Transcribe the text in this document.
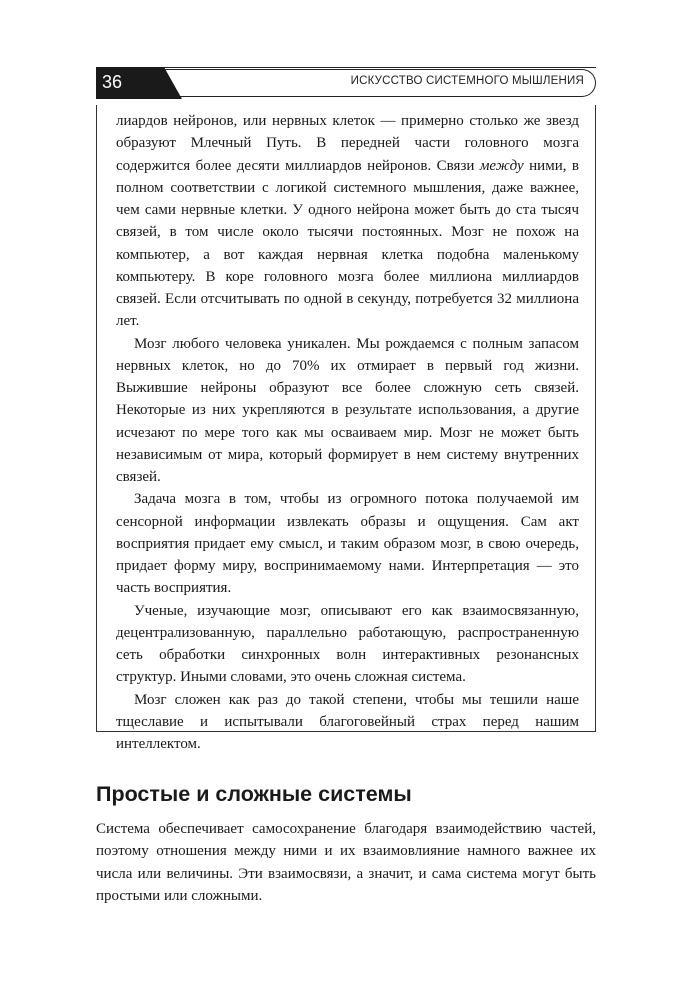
36	ИСКУССТВО СИСТЕМНОГО МЫШЛЕНИЯ

лиардов нейронов, или нервных клеток — примерно столько же звезд образуют Млечный Путь. В передней части головного мозга содержится более десяти миллиардов нейронов. Связи между ними, в полном соответствии с логикой системного мышления, даже важнее, чем сами нервные клетки. У одного нейрона может быть до ста тысяч связей, в том числе около тысячи постоянных. Мозг не похож на компьютер, а вот каждая нервная клетка подобна маленькому компьютеру. В коре головного мозга более миллиона миллиардов связей. Если отсчитывать по одной в секунду, потребуется 32 миллиона лет.

Мозг любого человека уникален. Мы рождаемся с полным запасом нервных клеток, но до 70% их отмирает в первый год жизни. Выжившие нейроны образуют все более сложную сеть связей. Некоторые из них укрепляются в результате использования, а другие исчезают по мере того как мы осваиваем мир. Мозг не может быть независимым от мира, который формирует в нем систему внутренних связей.

Задача мозга в том, чтобы из огромного потока получаемой им сенсорной информации извлекать образы и ощущения. Сам акт восприятия придает ему смысл, и таким образом мозг, в свою очередь, придает форму миру, воспринимаемому нами. Интерпретация — это часть восприятия.

Ученые, изучающие мозг, описывают его как взаимосвязанную, децентрализованную, параллельно работающую, распространенную сеть обработки синхронных волн интерактивных резонансных структур. Иными словами, это очень сложная система.

Мозг сложен как раз до такой степени, чтобы мы тешили наше тщеславие и испытывали благоговейный страх перед нашим интеллектом.

Простые и сложные системы

Система обеспечивает самосохранение благодаря взаимодействию частей, поэтому отношения между ними и их взаимовлияние намного важнее их числа или величины. Эти взаимосвязи, а значит, и сама система могут быть простыми или сложными.
